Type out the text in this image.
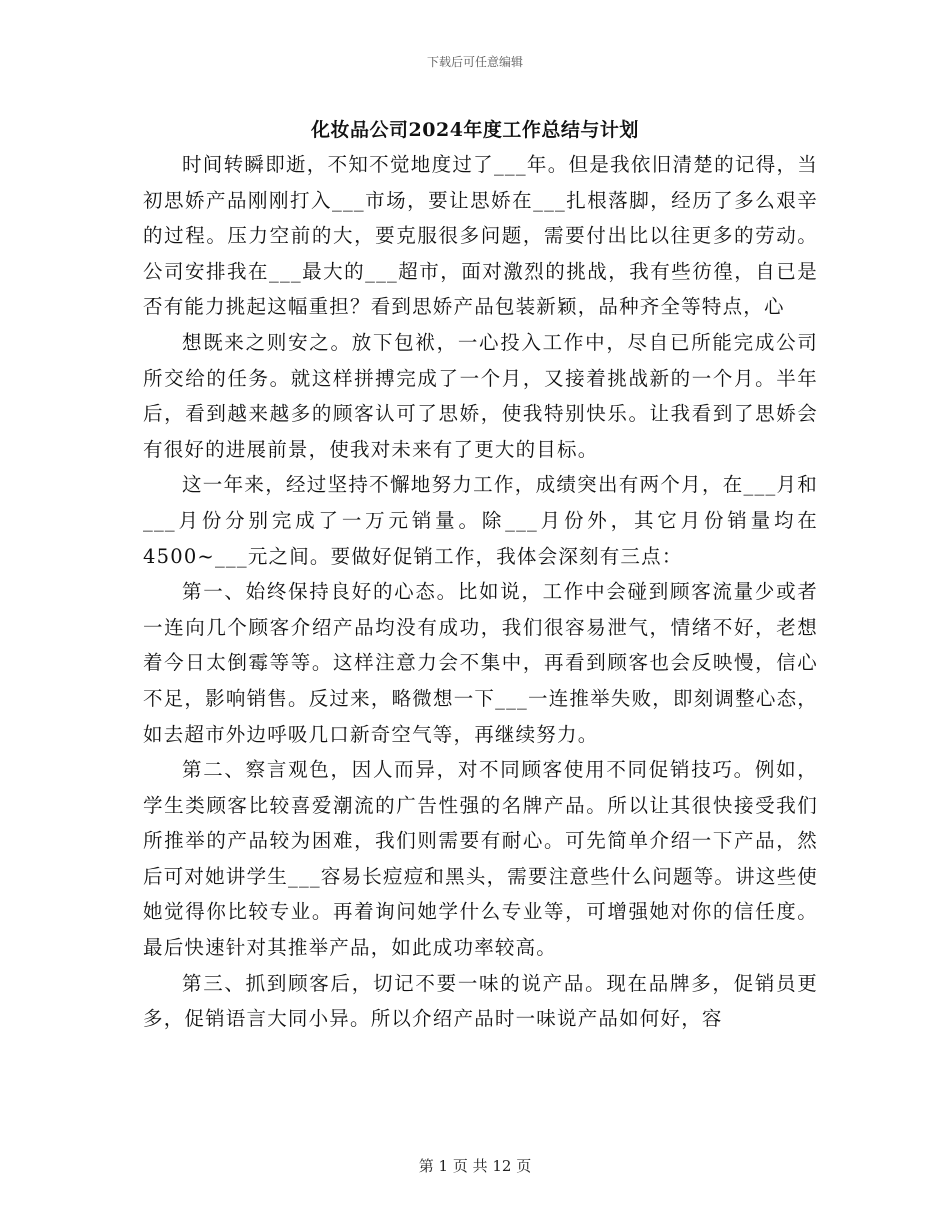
下载后可任意编辑
化妆品公司2024年度工作总结与计划

时间转瞬即逝，不知不觉地度过了___年。但是我依旧清楚的记得，当初思娇产品刚刚打入___市场，要让思娇在___扎根落脚，经历了多么艰辛的过程。压力空前的大，要克服很多问题，需要付出比以往更多的劳动。公司安排我在___最大的___超市，面对激烈的挑战，我有些彷徨，自已是否有能力挑起这幅重担？看到思娇产品包装新颖，品种齐全等特点，心

想既来之则安之。放下包袱，一心投入工作中，尽自已所能完成公司所交给的任务。就这样拼搏完成了一个月，又接着挑战新的一个月。半年后，看到越来越多的顾客认可了思娇，使我特别快乐。让我看到了思娇会有很好的进展前景，使我对未来有了更大的目标。

这一年来，经过坚持不懈地努力工作，成绩突出有两个月，在___月和___月份分别完成了一万元销量。除___月份外，其它月份销量均在4500~___元之间。要做好促销工作，我体会深刻有三点：

第一、始终保持良好的心态。比如说，工作中会碰到顾客流量少或者一连向几个顾客介绍产品均没有成功，我们很容易泄气，情绪不好，老想着今日太倒霉等等。这样注意力会不集中，再看到顾客也会反映慢，信心不足，影响销售。反过来，略微想一下___一连推举失败，即刻调整心态，如去超市外边呼吸几口新奇空气等，再继续努力。

第二、察言观色，因人而异，对不同顾客使用不同促销技巧。例如，学生类顾客比较喜爱潮流的广告性强的名牌产品。所以让其很快接受我们所推举的产品较为困难，我们则需要有耐心。可先简单介绍一下产品，然后可对她讲学生___容易长痘痘和黑头，需要注意些什么问题等。讲这些使她觉得你比较专业。再着询问她学什么专业等，可增强她对你的信任度。最后快速针对其推举产品，如此成功率较高。

第三、抓到顾客后，切记不要一味的说产品。现在品牌多，促销员更多，促销语言大同小异。所以介绍产品时一味说产品如何好，容

第 1 页 共 12 页
